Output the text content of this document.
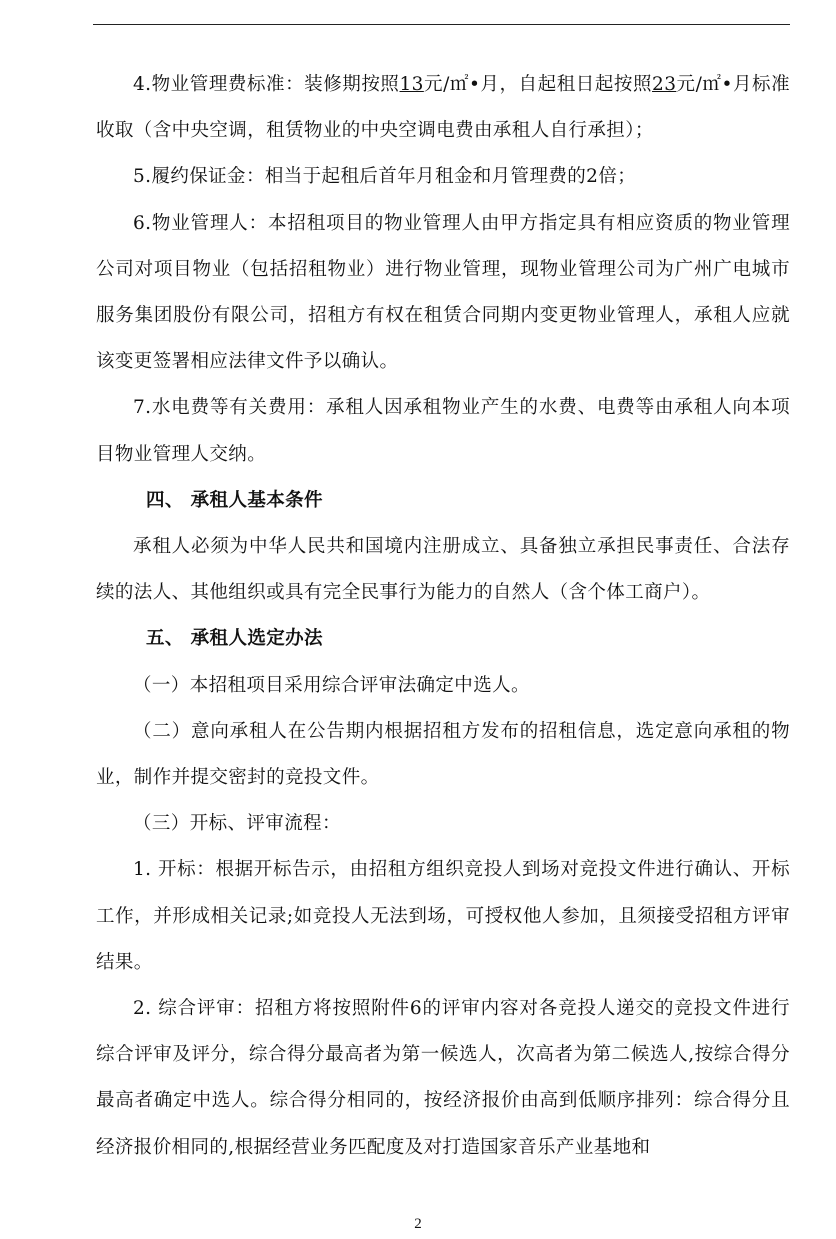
4.物业管理费标准：装修期按照13元/㎡•月，自起租日起按照23元/㎡•月标准收取（含中央空调，租赁物业的中央空调电费由承租人自行承担）；

5.履约保证金：相当于起租后首年月租金和月管理费的2倍；

6.物业管理人：本招租项目的物业管理人由甲方指定具有相应资质的物业管理公司对项目物业（包括招租物业）进行物业管理，现物业管理公司为广州广电城市服务集团股份有限公司，招租方有权在租赁合同期内变更物业管理人，承租人应就该变更签署相应法律文件予以确认。

7.水电费等有关费用：承租人因承租物业产生的水费、电费等由承租人向本项目物业管理人交纳。

四、 承租人基本条件

承租人必须为中华人民共和国境内注册成立、具备独立承担民事责任、合法存续的法人、其他组织或具有完全民事行为能力的自然人（含个体工商户）。

五、 承租人选定办法

（一）本招租项目采用综合评审法确定中选人。

（二）意向承租人在公告期内根据招租方发布的招租信息，选定意向承租的物业，制作并提交密封的竞投文件。

（三）开标、评审流程：

1. 开标：根据开标告示，由招租方组织竞投人到场对竞投文件进行确认、开标工作，并形成相关记录;如竞投人无法到场，可授权他人参加，且须接受招租方评审结果。

2. 综合评审：招租方将按照附件6的评审内容对各竞投人递交的竞投文件进行综合评审及评分，综合得分最高者为第一候选人，次高者为第二候选人,按综合得分最高者确定中选人。综合得分相同的，按经济报价由高到低顺序排列：综合得分且经济报价相同的,根据经营业务匹配度及对打造国家音乐产业基地和

2
